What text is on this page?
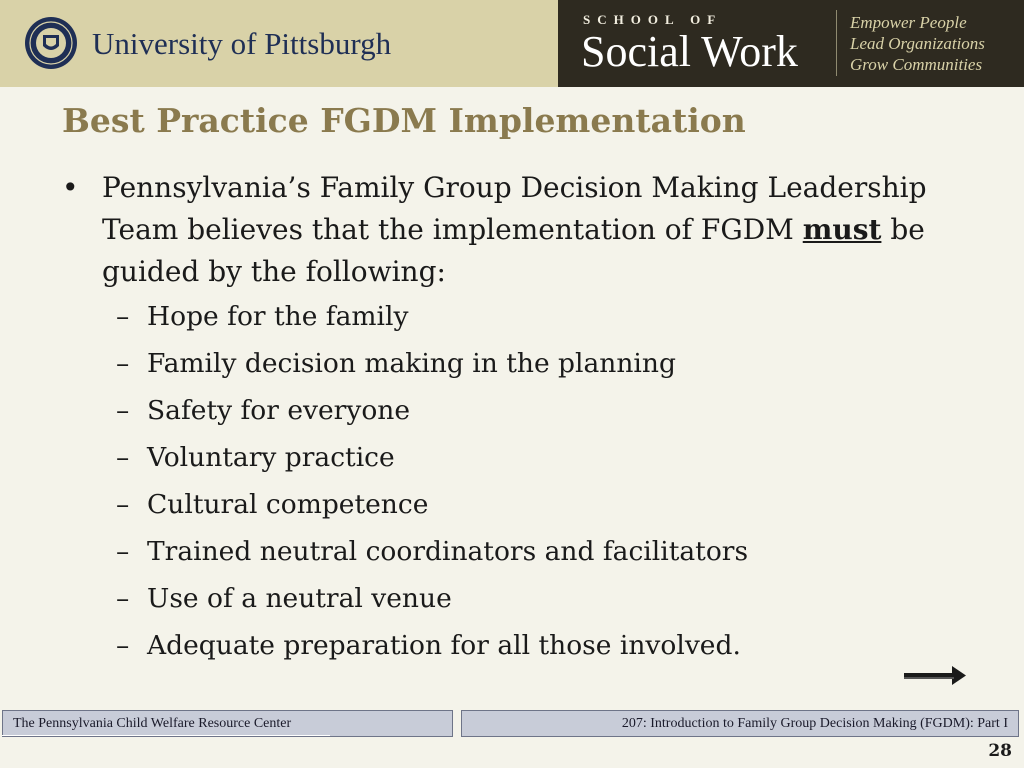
University of Pittsburgh
SCHOOL OF
Social Work
Empower People
Lead Organizations
Grow Communities
Best Practice FGDM Implementation
• Pennsylvania’s Family Group Decision Making Leadership Team believes that the implementation of FGDM must be guided by the following:
– Hope for the family
– Family decision making in the planning
– Safety for everyone
– Voluntary practice
– Cultural competence
– Trained neutral coordinators and facilitators
– Use of a neutral venue
– Adequate preparation for all those involved.
The Pennsylvania Child Welfare Resource Center	207: Introduction to Family Group Decision Making (FGDM): Part I
28
